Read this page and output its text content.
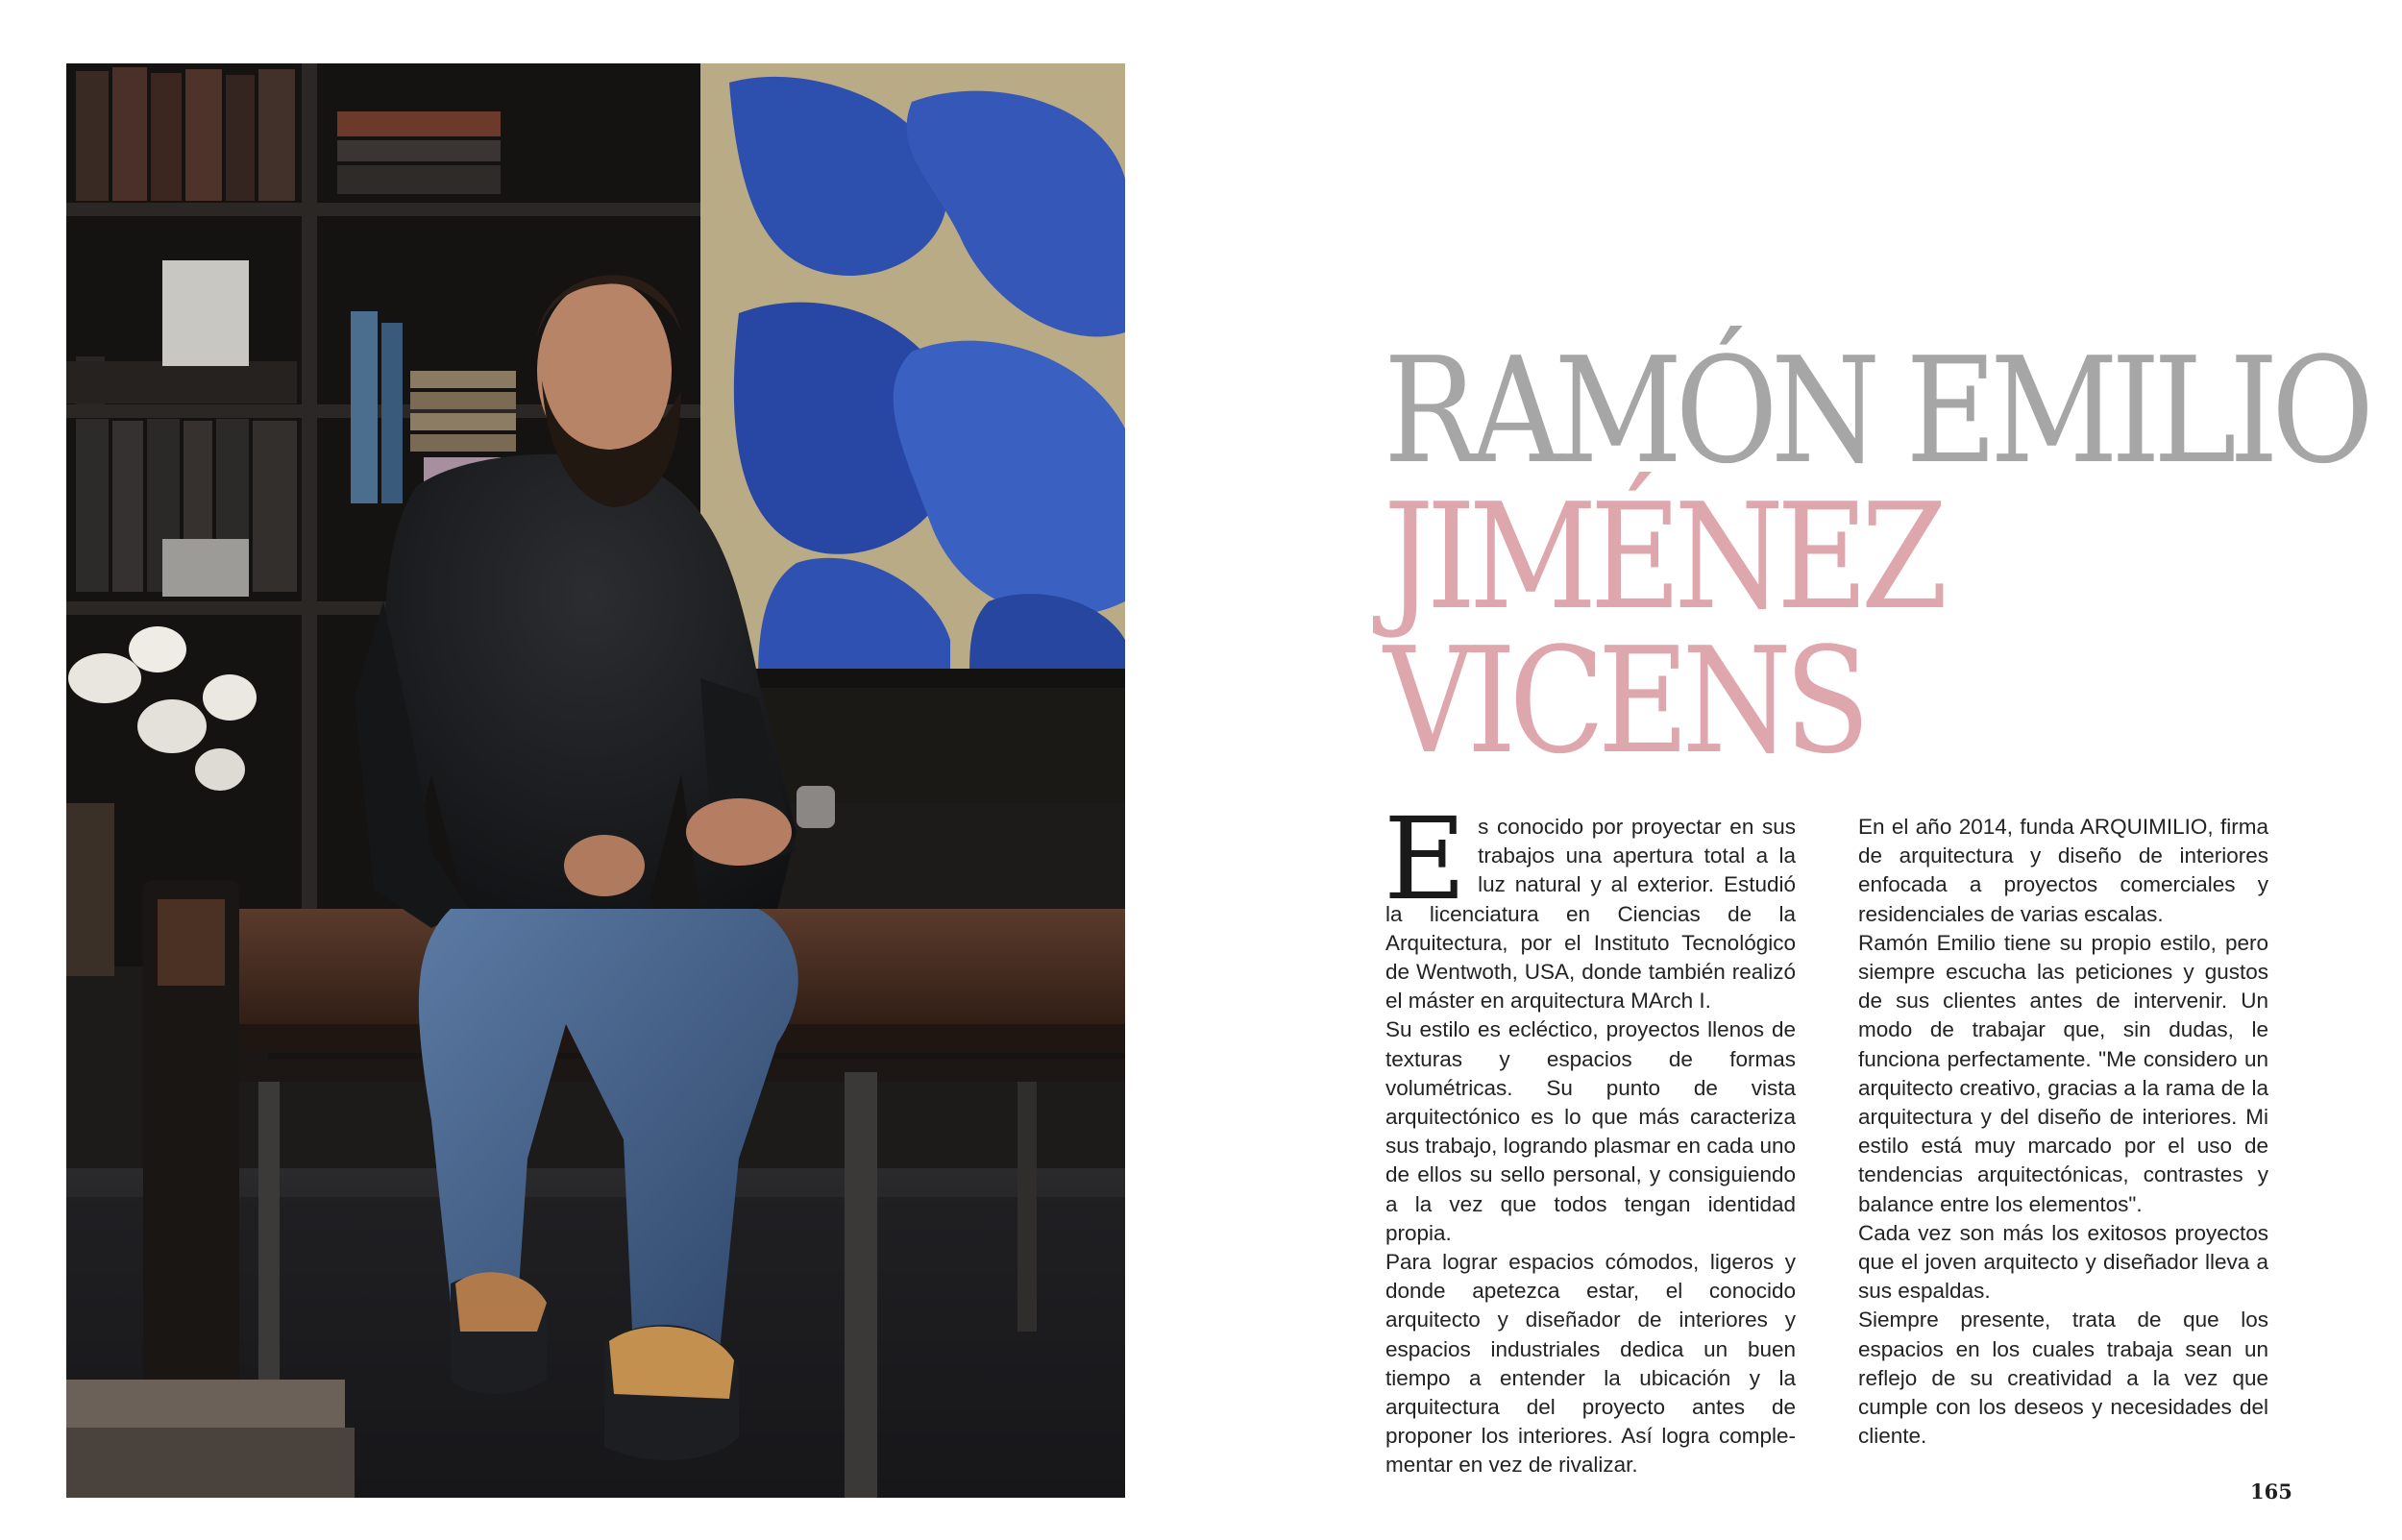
RAMÓN EMILIO
JIMÉNEZ
VICENS

Es conocido por proyectar en sus trabajos una apertura total a la luz natural y al exterior. Estudió la licenciatura en Ciencias de la Arquitectura, por el Instituto Tecnológico de Wentwoth, USA, donde también realizó el máster en arquitectura MArch I.

Su estilo es ecléctico, proyectos llenos de texturas y espacios de formas volumétricas. Su punto de vista arquitectónico es lo que más caracteriza sus trabajo, logrando plasmar en cada uno de ellos su sello personal, y consiguiendo a la vez que todos tengan identidad propia.

Para lograr espacios cómodos, ligeros y donde apetezca estar, el conocido arquitecto y diseñador de interiores y espacios industriales dedica un buen tiempo a entender la ubicación y la arquitectura del proyecto antes de proponer los interiores. Así logra complementar en vez de rivalizar.

En el año 2014, funda ARQUIMILIO, firma de arquitectura y diseño de interiores enfocada a proyectos comerciales y residenciales de varias escalas.

Ramón Emilio tiene su propio estilo, pero siempre escucha las peticiones y gustos de sus clientes antes de intervenir. Un modo de trabajar que, sin dudas, le funciona perfectamente. "Me considero un arquitecto creativo, gracias a la rama de la arquitectura y del diseño de interiores. Mi estilo está muy marcado por el uso de tendencias arquitectónicas, contrastes y balance entre los elementos".

Cada vez son más los exitosos proyectos que el joven arquitecto y diseñador lleva a sus espaldas.

Siempre presente, trata de que los espacios en los cuales trabaja sean un reflejo de su creatividad a la vez que cumple con los deseos y necesidades del cliente.

165
